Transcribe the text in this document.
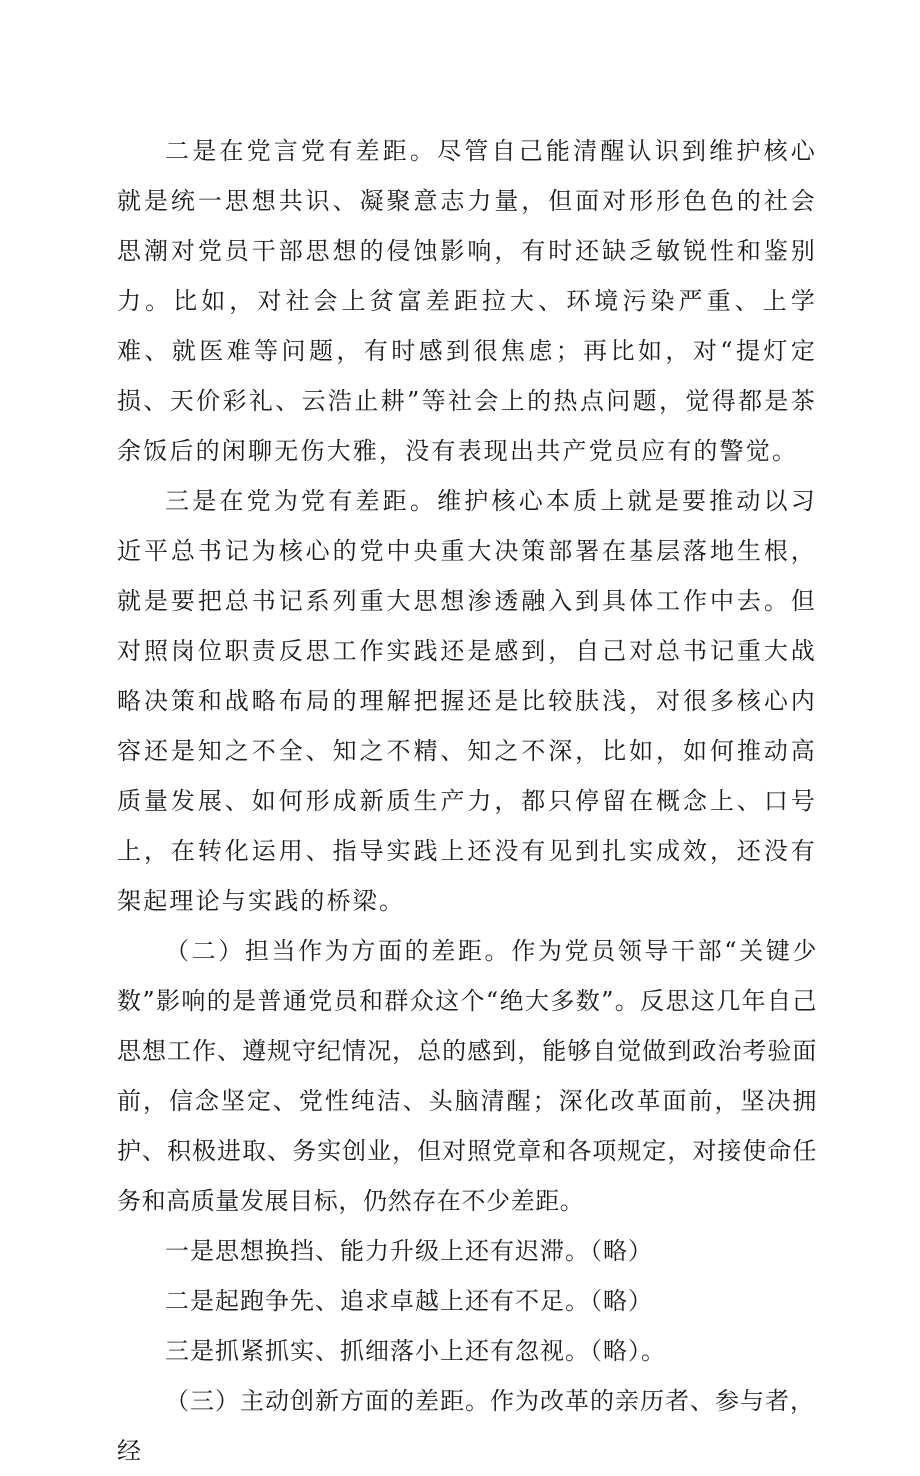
二是在党言党有差距。尽管自己能清醒认识到维护核心就是统一思想共识、凝聚意志力量，但面对形形色色的社会思潮对党员干部思想的侵蚀影响，有时还缺乏敏锐性和鉴别力。比如，对社会上贫富差距拉大、环境污染严重、上学难、就医难等问题，有时感到很焦虑；再比如，对“提灯定损、天价彩礼、云浩止耕”等社会上的热点问题，觉得都是茶余饭后的闲聊无伤大雅，没有表现出共产党员应有的警觉。

三是在党为党有差距。维护核心本质上就是要推动以习近平总书记为核心的党中央重大决策部署在基层落地生根，就是要把总书记系列重大思想渗透融入到具体工作中去。但对照岗位职责反思工作实践还是感到，自己对总书记重大战略决策和战略布局的理解把握还是比较肤浅，对很多核心内容还是知之不全、知之不精、知之不深，比如，如何推动高质量发展、如何形成新质生产力，都只停留在概念上、口号上，在转化运用、指导实践上还没有见到扎实成效，还没有架起理论与实践的桥梁。

（二）担当作为方面的差距。作为党员领导干部“关键少数”影响的是普通党员和群众这个“绝大多数”。反思这几年自己思想工作、遵规守纪情况，总的感到，能够自觉做到政治考验面前，信念坚定、党性纯洁、头脑清醒；深化改革面前，坚决拥护、积极进取、务实创业，但对照党章和各项规定，对接使命任务和高质量发展目标，仍然存在不少差距。

一是思想换挡、能力升级上还有迟滞。（略）

二是起跑争先、追求卓越上还有不足。（略）

三是抓紧抓实、抓细落小上还有忽视。（略）。

（三）主动创新方面的差距。作为改革的亲历者、参与者，经
